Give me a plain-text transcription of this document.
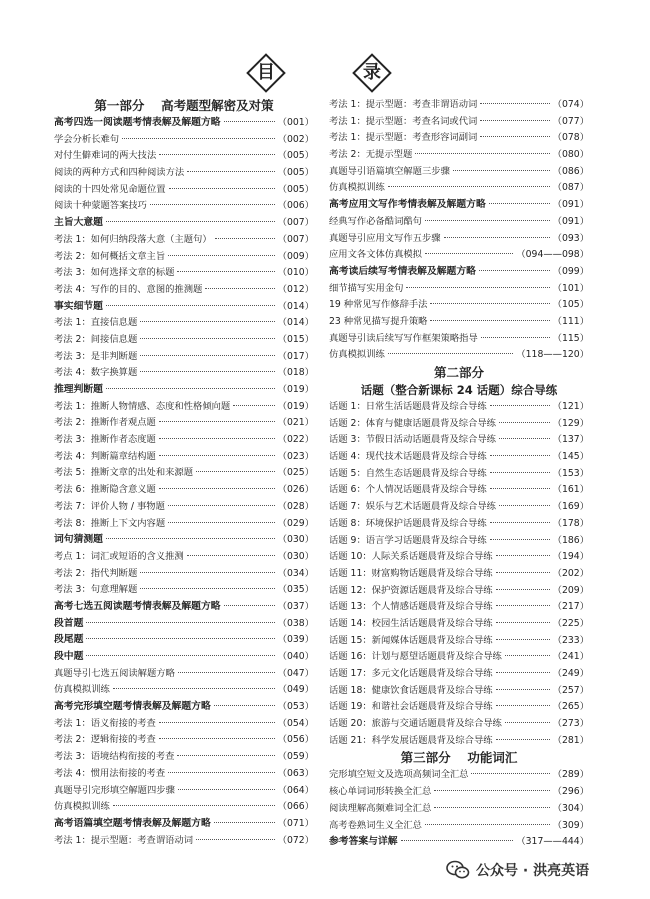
目	录
第一部分　 高考题型解密及对策
高考四选一阅读题考情表解及解题方略	（001）
学会分析长难句	（002）
对付生僻难词的两大技法	（005）
阅读的两种方式和四种阅读方法	（005）
阅读的十四处常见命题位置	（005）
阅读十种蒙题答案技巧	（006）
主旨大意题	（007）
考法 1：如何归纳段落大意（主题句）	（007）
考法 2：如何概括文章主旨	（009）
考法 3：如何选择文章的标题	（010）
考法 4：写作的目的、意图的推测题	（012）
事实细节题	（014）
考法 1：直接信息题	（014）
考法 2：间接信息题	（015）
考法 3：是非判断题	（017）
考法 4：数字换算题	（018）
推理判断题	（019）
考法 1：推断人物情感、态度和性格倾向题	（019）
考法 2：推断作者观点题	（021）
考法 3：推断作者态度题	（022）
考法 4：判断篇章结构题	（023）
考法 5：推断文章的出处和来源题	（025）
考法 6：推断隐含意义题	（026）
考法 7：评价人物 / 事物题	（028）
考法 8：推断上下文内容题	（029）
词句猜测题	（030）
考点 1：词汇或短语的含义推测	（030）
考法 2：指代判断题	（034）
考法 3：句意理解题	（035）
高考七选五阅读题考情表解及解题方略	（037）
段首题	（038）
段尾题	（039）
段中题	（040）
真题导引七选五阅读解题方略	（047）
仿真模拟训练	（049）
高考完形填空题考情表解及解题方略	（053）
考法 1：语义衔接的考查	（054）
考法 2：逻辑衔接的考查	（056）
考法 3：语境结构衔接的考查	（059）
考法 4：惯用法衔接的考查	（063）
真题导引完形填空解题四步骤	（064）
仿真模拟训练	（066）
高考语篇填空题考情表解及解题方略	（071）
考法 1：提示型题：考查谓语动词	（072）
考法 1：提示型题：考查非谓语动词	（074）
考法 1：提示型题：考查名词或代词	（077）
考法 1：提示型题：考查形容词副词	（078）
考法 2：无提示型题	（080）
真题导引语篇填空解题三步骤	（086）
仿真模拟训练	（087）
高考应用文写作考情表解及解题方略	（091）
经典写作必备酷词酷句	（091）
真题导引应用文写作五步骤	（093）
应用文各文体仿真模拟	（094——098）
高考读后续写考情表解及解题方略	（099）
细节描写实用金句	（101）
19 种常见写作修辞手法	（105）
23 种常见描写提升策略	（111）
真题导引读后续写写作框架策略指导	（115）
仿真模拟训练	（118——120）
第二部分
话题（整合新课标 24 话题）综合导练
话题 1：日常生活话题晨背及综合导练	（121）
话题 2：体育与健康话题晨背及综合导练	（129）
话题 3：节假日活动话题晨背及综合导练	（137）
话题 4：现代技术话题晨背及综合导练	（145）
话题 5：自然生态话题晨背及综合导练	（153）
话题 6：个人情况话题晨背及综合导练	（161）
话题 7：娱乐与艺术话题晨背及综合导练	（169）
话题 8：环境保护话题晨背及综合导练	（178）
话题 9：语言学习话题晨背及综合导练	（186）
话题 10：人际关系话题晨背及综合导练	（194）
话题 11：财富购物话题晨背及综合导练	（202）
话题 12：保护资源话题晨背及综合导练	（209）
话题 13：个人情感话题晨背及综合导练	（217）
话题 14：校园生活话题晨背及综合导练	（225）
话题 15：新闻媒体话题晨背及综合导练	（233）
话题 16：计划与愿望话题晨背及综合导练	（241）
话题 17：多元文化话题晨背及综合导练	（249）
话题 18：健康饮食话题晨背及综合导练	（257）
话题 19：和谐社会话题晨背及综合导练	（265）
话题 20：旅游与交通话题晨背及综合导练	（273）
话题 21：科学发展话题晨背及综合导练	（281）
第三部分　 功能词汇
完形填空短文及选项高频词全汇总	（289）
核心单词词形转换全汇总	（296）
阅读理解高频难词全汇总	（304）
高考卷熟词生义全汇总	（309）
参考答案与详解	（317——444）
公众号 · 洪亮英语
